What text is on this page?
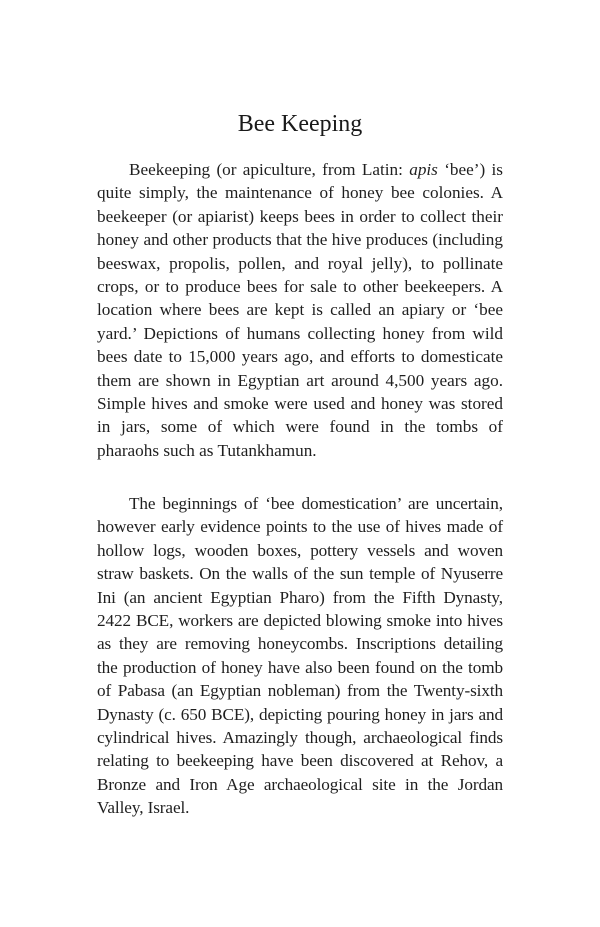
Bee Keeping

Beekeeping (or apiculture, from Latin: apis ‘bee’) is quite simply, the maintenance of honey bee colonies. A beekeeper (or apiarist) keeps bees in order to collect their honey and other products that the hive produces (including beeswax, propolis, pollen, and royal jelly), to pollinate crops, or to produce bees for sale to other beekeepers. A location where bees are kept is called an apiary or ‘bee yard.’ Depictions of humans collecting honey from wild bees date to 15,000 years ago, and efforts to domesticate them are shown in Egyptian art around 4,500 years ago. Simple hives and smoke were used and honey was stored in jars, some of which were found in the tombs of pharaohs such as Tutankhamun.

The beginnings of ‘bee domestication’ are uncertain, however early evidence points to the use of hives made of hollow logs, wooden boxes, pottery vessels and woven straw baskets. On the walls of the sun temple of Nyuserre Ini (an ancient Egyptian Pharo) from the Fifth Dynasty, 2422 BCE, workers are depicted blowing smoke into hives as they are removing honeycombs. Inscriptions detailing the production of honey have also been found on the tomb of Pabasa (an Egyptian nobleman) from the Twenty-sixth Dynasty (c. 650 BCE), depicting pouring honey in jars and cylindrical hives. Amazingly though, archaeological finds relating to beekeeping have been discovered at Rehov, a Bronze and Iron Age archaeological site in the Jordan Valley, Israel.
